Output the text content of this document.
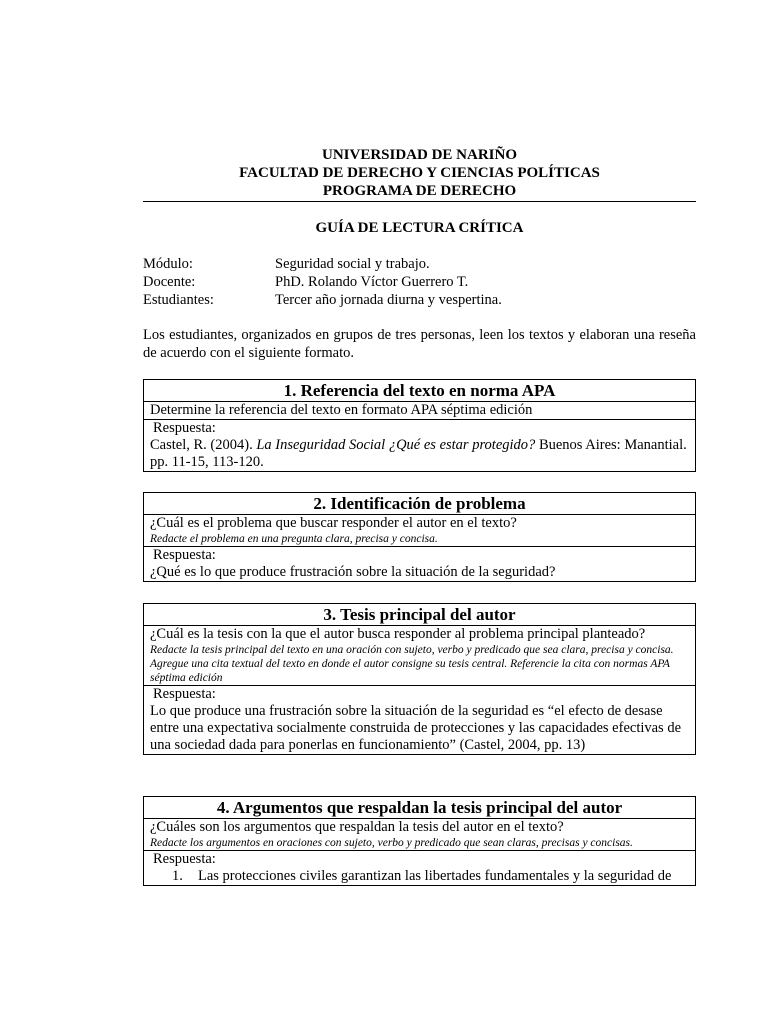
UNIVERSIDAD DE NARIÑO
FACULTAD DE DERECHO Y CIENCIAS POLÍTICAS
PROGRAMA DE DERECHO
GUÍA DE LECTURA CRÍTICA
Módulo:	Seguridad social y trabajo.
Docente:	PhD. Rolando Víctor Guerrero T.
Estudiantes:	Tercer año jornada diurna y vespertina.
Los estudiantes, organizados en grupos de tres personas, leen los textos y elaboran una reseña de acuerdo con el siguiente formato.
1. Referencia del texto en norma APA
Determine la referencia del texto en formato APA séptima edición
Respuesta:
Castel, R. (2004). La Inseguridad Social ¿Qué es estar protegido? Buenos Aires: Manantial. pp. 11-15, 113-120.
2. Identificación de problema
¿Cuál es el problema que buscar responder el autor en el texto?
Redacte el problema en una pregunta clara, precisa y concisa.
Respuesta:
¿Qué es lo que produce frustración sobre la situación de la seguridad?
3. Tesis principal del autor
¿Cuál es la tesis con la que el autor busca responder al problema principal planteado?
Redacte la tesis principal del texto en una oración con sujeto, verbo y predicado que sea clara, precisa y concisa.
Agregue una cita textual del texto en donde el autor consigne su tesis central. Referencie la cita con normas APA séptima edición
Respuesta:
Lo que produce una frustración sobre la situación de la seguridad es “el efecto de desase entre una expectativa socialmente construida de protecciones y las capacidades efectivas de una sociedad dada para ponerlas en funcionamiento” (Castel, 2004, pp. 13)
4. Argumentos que respaldan la tesis principal del autor
¿Cuáles son los argumentos que respaldan la tesis del autor en el texto?
Redacte los argumentos en oraciones con sujeto, verbo y predicado que sean claras, precisas y concisas.
Respuesta:
1.	Las protecciones civiles garantizan las libertades fundamentales y la seguridad de
